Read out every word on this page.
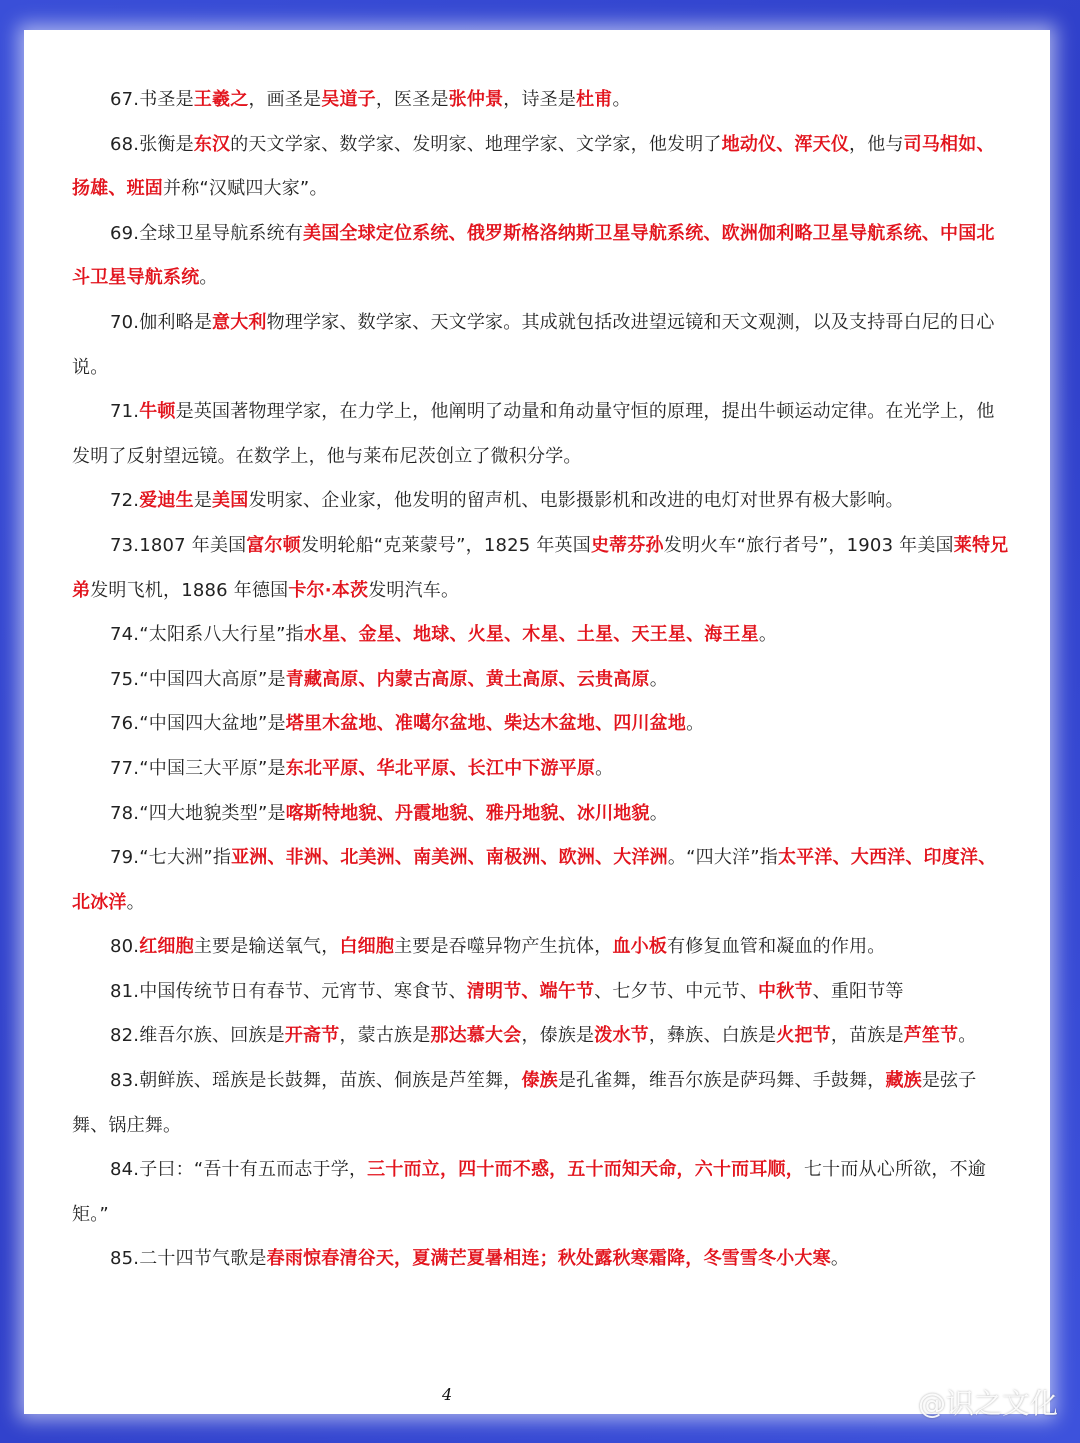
67.书圣是王羲之，画圣是吴道子，医圣是张仲景，诗圣是杜甫。

68.张衡是东汉的天文学家、数学家、发明家、地理学家、文学家，他发明了地动仪、浑天仪，他与司马相如、扬雄、班固并称“汉赋四大家”。

69.全球卫星导航系统有美国全球定位系统、俄罗斯格洛纳斯卫星导航系统、欧洲伽利略卫星导航系统、中国北斗卫星导航系统。

70.伽利略是意大利物理学家、数学家、天文学家。其成就包括改进望远镜和天文观测，以及支持哥白尼的日心说。

71.牛顿是英国著物理学家，在力学上，他阐明了动量和角动量守恒的原理，提出牛顿运动定律。在光学上，他发明了反射望远镜。在数学上，他与莱布尼茨创立了微积分学。

72.爱迪生是美国发明家、企业家，他发明的留声机、电影摄影机和改进的电灯对世界有极大影响。

73.1807 年美国富尔顿发明轮船“克莱蒙号”，1825 年英国史蒂芬孙发明火车“旅行者号”，1903 年美国莱特兄弟发明飞机，1886 年德国卡尔·本茨发明汽车。

74.“太阳系八大行星”指水星、金星、地球、火星、木星、土星、天王星、海王星。

75.“中国四大高原”是青藏高原、内蒙古高原、黄土高原、云贵高原。

76.“中国四大盆地”是塔里木盆地、准噶尔盆地、柴达木盆地、四川盆地。

77.“中国三大平原”是东北平原、华北平原、长江中下游平原。

78.“四大地貌类型”是喀斯特地貌、丹霞地貌、雅丹地貌、冰川地貌。

79.“七大洲”指亚洲、非洲、北美洲、南美洲、南极洲、欧洲、大洋洲。“四大洋”指太平洋、大西洋、印度洋、北冰洋。

80.红细胞主要是输送氧气，白细胞主要是吞噬异物产生抗体，血小板有修复血管和凝血的作用。

81.中国传统节日有春节、元宵节、寒食节、清明节、端午节、七夕节、中元节、中秋节、重阳节等

82.维吾尔族、回族是开斋节，蒙古族是那达慕大会，傣族是泼水节，彝族、白族是火把节，苗族是芦笙节。

83.朝鲜族、瑶族是长鼓舞，苗族、侗族是芦笙舞，傣族是孔雀舞，维吾尔族是萨玛舞、手鼓舞，藏族是弦子舞、锅庄舞。

84.子曰：“吾十有五而志于学，三十而立，四十而不惑，五十而知天命，六十而耳顺，七十而从心所欲，不逾矩。”

85.二十四节气歌是春雨惊春清谷天，夏满芒夏暑相连；秋处露秋寒霜降，冬雪雪冬小大寒。

4	@识之文化
